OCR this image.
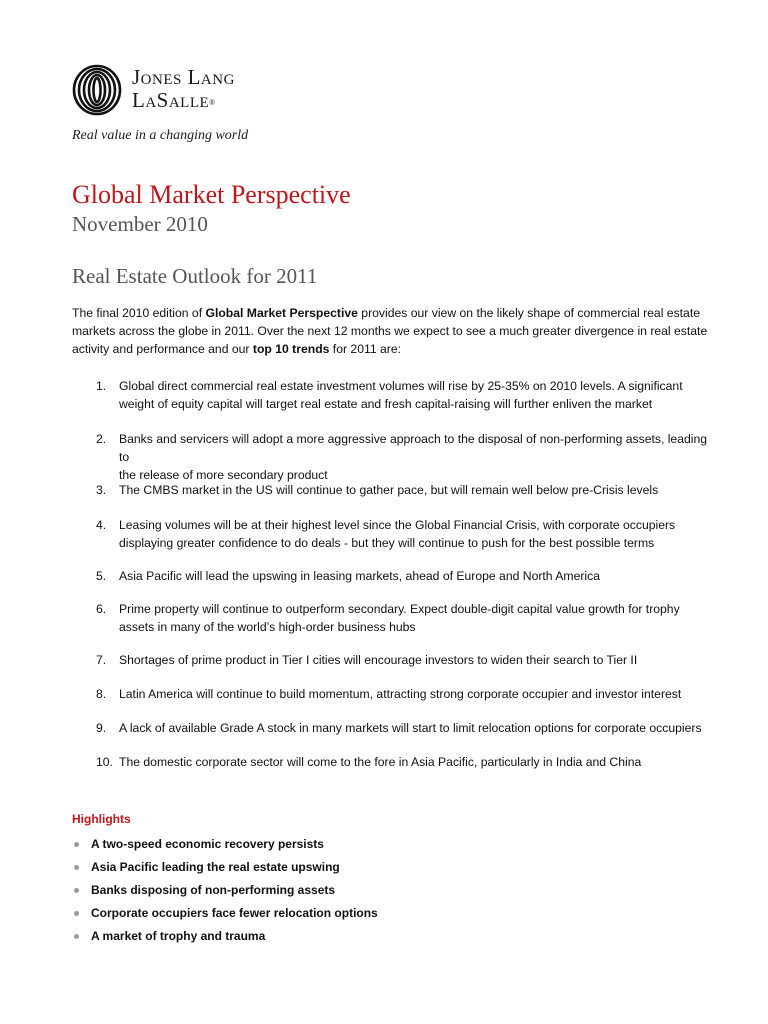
Jones Lang
LaSalle®
Real value in a changing world
Global Market Perspective
November 2010
Real Estate Outlook for 2011

The final 2010 edition of Global Market Perspective provides our view on the likely shape of commercial real estate markets across the globe in 2011. Over the next 12 months we expect to see a much greater divergence in real estate activity and performance and our top 10 trends for 2011 are:

1. Global direct commercial real estate investment volumes will rise by 25-35% on 2010 levels. A significant
weight of equity capital will target real estate and fresh capital-raising will further enliven the market
2. Banks and servicers will adopt a more aggressive approach to the disposal of non-performing assets, leading to
the release of more secondary product
3. The CMBS market in the US will continue to gather pace, but will remain well below pre-Crisis levels
4. Leasing volumes will be at their highest level since the Global Financial Crisis, with corporate occupiers
displaying greater confidence to do deals - but they will continue to push for the best possible terms
5. Asia Pacific will lead the upswing in leasing markets, ahead of Europe and North America
6. Prime property will continue to outperform secondary. Expect double-digit capital value growth for trophy
assets in many of the world’s high-order business hubs
7. Shortages of prime product in Tier I cities will encourage investors to widen their search to Tier II
8. Latin America will continue to build momentum, attracting strong corporate occupier and investor interest
9. A lack of available Grade A stock in many markets will start to limit relocation options for corporate occupiers
10. The domestic corporate sector will come to the fore in Asia Pacific, particularly in India and China
Highlights
A two-speed economic recovery persists
Asia Pacific leading the real estate upswing
Banks disposing of non-performing assets
Corporate occupiers face fewer relocation options
A market of trophy and trauma
